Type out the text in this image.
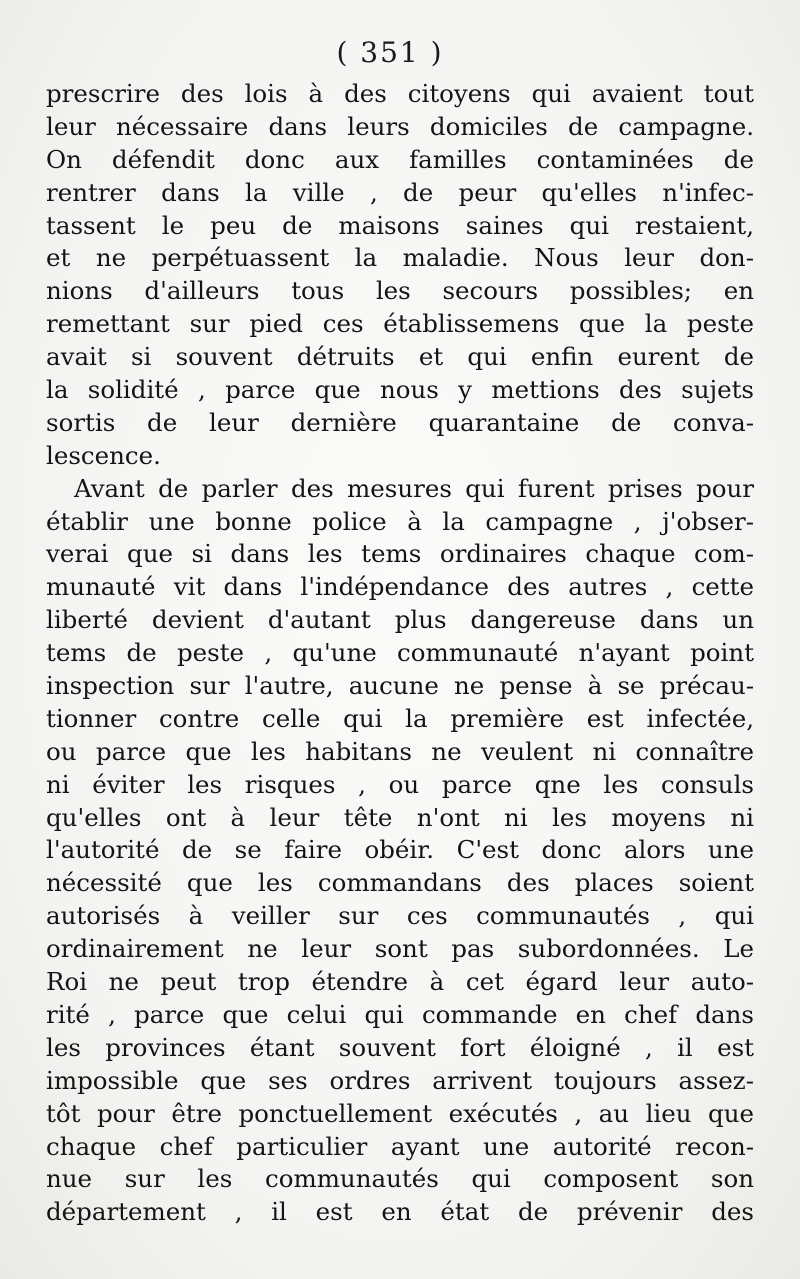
( 351 )
prescrire des lois à des citoyens qui avaient tout
leur nécessaire dans leurs domiciles de campagne.
On défendit donc aux familles contaminées de
rentrer dans la ville , de peur qu'elles n'infec-
tassent le peu de maisons saines qui restaient,
et ne perpétuassent la maladie. Nous leur don-
nions d'ailleurs tous les secours possibles; en
remettant sur pied ces établissemens que la peste
avait si souvent détruits et qui enfin eurent de
la solidité , parce que nous y mettions des sujets
sortis de leur dernière quarantaine de conva-
lescence.
Avant de parler des mesures qui furent prises pour
établir une bonne police à la campagne , j'obser-
verai que si dans les tems ordinaires chaque com-
munauté vit dans l'indépendance des autres , cette
liberté devient d'autant plus dangereuse dans un
tems de peste , qu'une communauté n'ayant point
inspection sur l'autre, aucune ne pense à se précau-
tionner contre celle qui la première est infectée,
ou parce que les habitans ne veulent ni connaître
ni éviter les risques , ou parce qne les consuls
qu'elles ont à leur tête n'ont ni les moyens ni
l'autorité de se faire obéir. C'est donc alors une
nécessité que les commandans des places soient
autorisés à veiller sur ces communautés , qui
ordinairement ne leur sont pas subordonnées. Le
Roi ne peut trop étendre à cet égard leur auto-
rité , parce que celui qui commande en chef dans
les provinces étant souvent fort éloigné , il est
impossible que ses ordres arrivent toujours assez-
tôt pour être ponctuellement exécutés , au lieu que
chaque chef particulier ayant une autorité recon-
nue sur les communautés qui composent son
département , il est en état de prévenir des
